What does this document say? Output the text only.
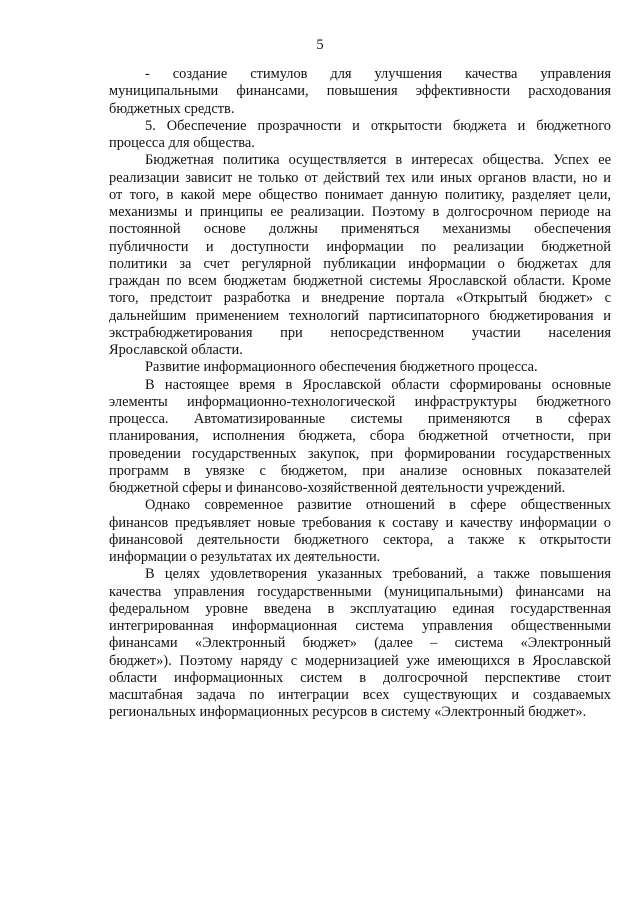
5
- создание стимулов для улучшения качества управления
муниципальными финансами, повышения эффективности расходования
бюджетных средств.
5. Обеспечение прозрачности и открытости бюджета и бюджетного
процесса для общества.
Бюджетная политика осуществляется в интересах общества. Успех ее
реализации зависит не только от действий тех или иных органов власти, но и
от того, в какой мере общество понимает данную политику, разделяет цели,
механизмы и принципы ее реализации. Поэтому в долгосрочном периоде на
постоянной основе должны применяться механизмы обеспечения
публичности и доступности информации по реализации бюджетной
политики за счет регулярной публикации информации о бюджетах для
граждан по всем бюджетам бюджетной системы Ярославской области. Кроме
того, предстоит разработка и внедрение портала «Открытый бюджет» с
дальнейшим применением технологий партисипаторного бюджетирования и
экстрабюджетирования при непосредственном участии населения
Ярославской области.
Развитие информационного обеспечения бюджетного процесса.
В настоящее время в Ярославской области сформированы основные
элементы информационно-технологической инфраструктуры бюджетного
процесса. Автоматизированные системы применяются в сферах
планирования, исполнения бюджета, сбора бюджетной отчетности, при
проведении государственных закупок, при формировании государственных
программ в увязке с бюджетом, при анализе основных показателей
бюджетной сферы и финансово-хозяйственной деятельности учреждений.
Однако современное развитие отношений в сфере общественных
финансов предъявляет новые требования к составу и качеству информации о
финансовой деятельности бюджетного сектора, а также к открытости
информации о результатах их деятельности.
В целях удовлетворения указанных требований, а также повышения
качества управления государственными (муниципальными) финансами на
федеральном уровне введена в эксплуатацию единая государственная
интегрированная информационная система управления общественными
финансами «Электронный бюджет» (далее – система «Электронный
бюджет»). Поэтому наряду с модернизацией уже имеющихся в Ярославской
области информационных систем в долгосрочной перспективе стоит
масштабная задача по интеграции всех существующих и создаваемых
региональных информационных ресурсов в систему «Электронный бюджет».
